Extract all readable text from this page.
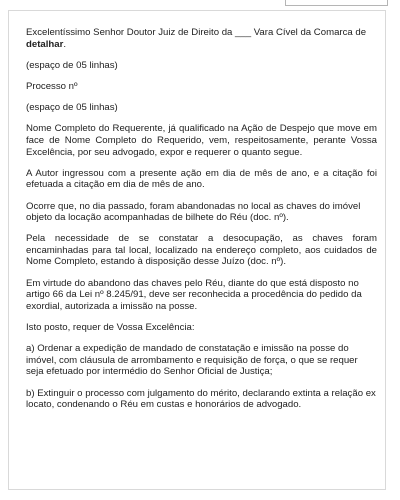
Excelentíssimo Senhor Doutor Juiz de Direito da ___ Vara Cível da Comarca de detalhar.

(espaço de 05 linhas)

Processo nº

(espaço de 05 linhas)

Nome Completo do Requerente, já qualificado na Ação de Despejo que move em face de Nome Completo do Requerido, vem, respeitosamente, perante Vossa Excelência, por seu advogado, expor e requerer o quanto segue.

A Autor ingressou com a presente ação em dia de mês de ano, e a citação foi efetuada a citação em dia de mês de ano.

Ocorre que, no dia passado, foram abandonadas no local as chaves do imóvel objeto da locação acompanhadas de bilhete do Réu (doc. nº).

Pela necessidade de se constatar a desocupação, as chaves foram encaminhadas para tal local, localizado na endereço completo, aos cuidados de Nome Completo, estando à disposição desse Juízo (doc. nº).

Em virtude do abandono das chaves pelo Réu, diante do que está disposto no artigo 66 da Lei nº 8.245/91, deve ser reconhecida a procedência do pedido da exordial, autorizada a imissão na posse.

Isto posto, requer de Vossa Excelência:

a) Ordenar a expedição de mandado de constatação e imissão na posse do imóvel, com cláusula de arrombamento e requisição de força, o que se requer seja efetuado por intermédio do Senhor Oficial de Justiça;

b) Extinguir o processo com julgamento do mérito, declarando extinta a relação ex locato, condenando o Réu em custas e honorários de advogado.
